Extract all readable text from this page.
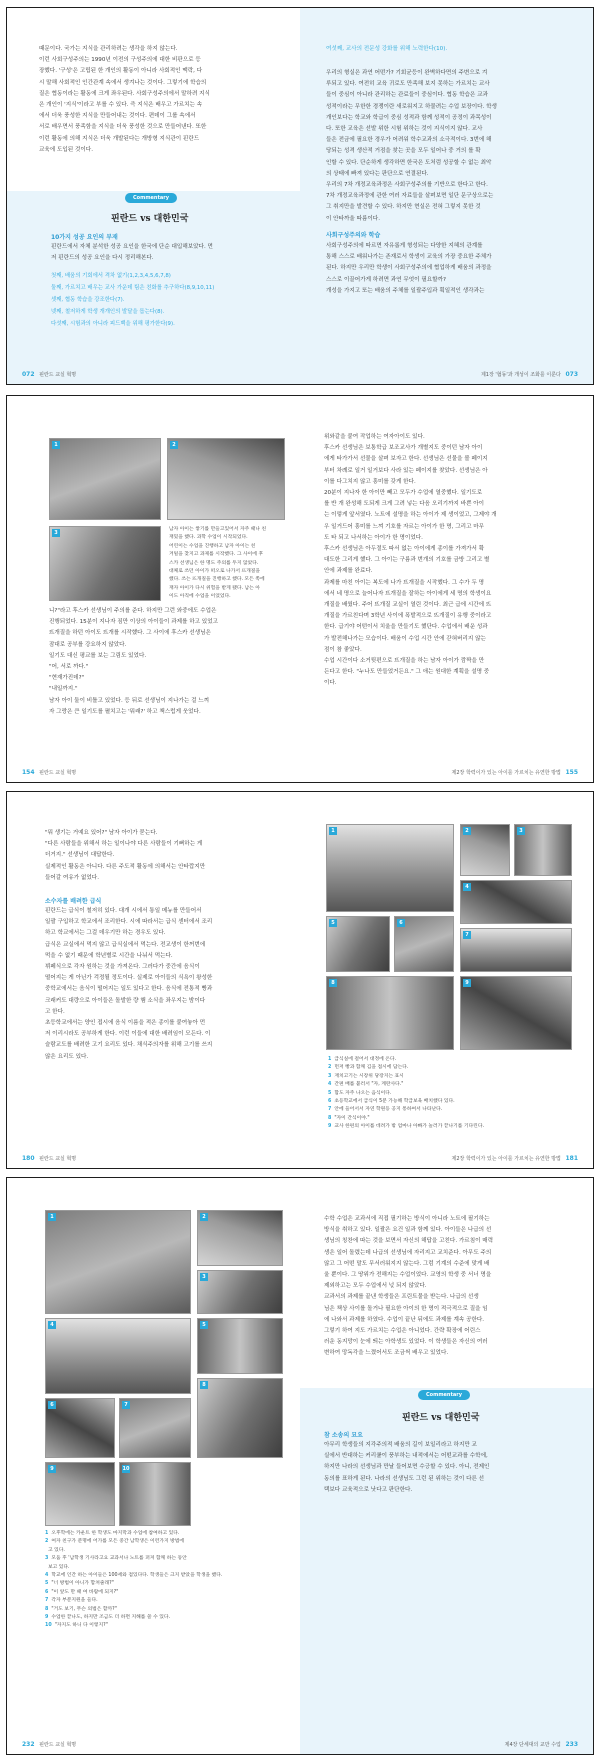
때문이다. 국가는 지식을 관리하려는 생각을 하지 않는다.

이런 사회구성주의는 1990년 이전의 구성주의에 대한 비판으로 등

장했다. '구성'은 고립된 한 개인의 활동이 아니라 사회적인 맥락, 다

시 말해 사회적인 인간관계 속에서 생겨나는 것이다. 그렇기에 학습의

질은 협동이라는 활동에 크게 좌우된다. 사회구성주의에서 말하려 지식

은 개인이 '지식'이라고 부를 수 있다. 즉 지식은 배우고 가르치는 속

에서 더욱 풍성한 지식을 만들어내는 것이다. 편데이 그룹 속에서

서로 배우면서 풍족함을 지식을 더욱 풍성한 것으로 만들어낸다. 또한

이런 활동에 의해 지식은 더욱 개발된다는 개방형 지식관이 핀란드

교육에 도입된 것이다.

Commentary
핀란드 vs 대한민국
10가지 성공 요인의 부재

핀란드에서 자체 분석한 성공 요인을 한국에 단순 대입해보았다. 먼

저 핀란드의 성공 요인을 다시 정리해본다.

첫째, 배움의 기회에서 격차 없기(1,2,3,4,5,6,7,8)

둘째, 가르치고 배우는 교사 가운데 팀은 친화를 추구하다(8,9,10,11)

셋째, 협동 학습을 강조한다(7).

넷째, 철저하게 학생 개개인의 발달을 돕는다(8).

다섯째, 시험과의 아니라 피드백을 위해 평가한다(9).

072 핀란드 교실 혁명
여섯째, 교사의 전문성 강화를 위해 노력한다(10).

우리의 형실은 과연 어떤가? 기회균등이 완벽하다면의 주변으로 겨

루되고 있다. 여전히 교육 귀로도 만족해 보지 못하는 가르치는 교사

들이 중심이 아니라 관리하는 관료들이 중심이다. 협동 학습은 교과

성적이라는 무한한 경쟁이란 새로워지고 하물려는 수업 보장이다. 학생

개인보다는 학교와 학급이 중심 성적과 함께 성적이 공정이 과목성이

다. 또한 교육은 선발 위한 시험 위하는 것이 지식이지 않다. 교사

들은 전금에 필요한 경우가 어려워 학수교과의 소극적이다. 3번에 해

당되는 성격 생산적 거점을 찾는 곳을 모두 일어나 중 거의 를 확

인할 수 있다. 단순하게 생각하면 한국은 도처럼 성공할 수 없는 최악

의 상태에 빠져 있다는 판단으로 연결된다.

우리의 7차 개정교육과정은 사회구성주의를 기반으로 한다고 한다.

7차 개정교육과정에 관한 여러 자료들을 살펴보면 일단 문구상으로는

그 취지만을 발견할 수 있다. 하지만 현실은 전혀 그렇지 못한 것

이 안타까울 따름이다.

사회구성주의와 학습

사회구성주의에 따르면 자유롭게 형성되는 다양한 지혜의 관계를

통해 스스로 배워나가는 존재로서 학생이 교육의 가장 중요한 주체가

된다. 하지만 우리만 학생이 사회구성주의에 협업하게 배움의 과정을

스스로 이끌어가게 하려면 과연 무엇이 필요할까?

개성을 가지고 또는 배움의 주체를 일괄주입과 획일적인 생각과는

제1장 '협동'과 개성이 조화를 이룬다 073
1	2
3

남자 아이는 쌓기를 만들고있어서 자주 때나 친

재밌을 했다. 과학 수업이 시작되었다.

어린이는 수업을 진행하고 남자 아이는 친

겨털을 찾지고 과제를 시작했다. 그 사이에 후

스카 선생님은 한 명도 주의를 두지 않았다.

대체로 쓰던 아이가 떠오로 나가서 뜨개질을

했다. 쓰는 뜨개질을 진행하고 했다. 모든 쪽에

재자 아이가 다시 위험을 받게 됐다. 남는 아

이도 아직에 수업을 이었었다.

니?"라고 후스카 선생님이 주의를 준다. 하지만 그런 와중에도 수업은

진행되었다. 15분이 지나자 짐만 이상의 아이들이 과제를 하고 있었고

뜨개질을 하던 아이도 뜨개를 시작했다. 그 사이에 후스카 선생님은

잠대로 공부를 강요하지 않았다.

일기도 대신 평교를 보는 그림도 있었다.

"어, 서로 까다."

"현재가진데?"

"내일까지."

남자 아이 둘이 비틀고 있었다. 등 뒤로 선생님이 지나가는 걸 느껴

자 그랑은 큰 일기도를 펼치고는 '뭐래?' 하고 책스럽게 웃었다.

154 핀란드 교실 혁명

위와같을 붙여 작업하는 여자아이도 있다.

후스카 선생님은 보통학급 보조교사가 개별지도 중이던 남자 아이

에게 타가가서 선물을 살펴 보자고 한다. 선생님은 선물을 볼 페이지

부터 차례로 일거 일거보다 사라 있는 페이지를 찾았다. 선생님은 아

이를 다그치지 않고 흥미를 갖게 한다.

20분이 지나자 한 아이만 빼고 모두가 수업에 열중했다. 일기도로

를 반 개 완성해 도되게 크게 그려 넣는 다음 오리기까지 바쁜 아이

는 이렇게 앞서였다. 노트에 설명을 하는 아이가 제 생이었고, 그제야 개

우 일거드어 흥미를 느껴 기호를 자르는 아이가 한 명, 그리고 마무

도 타 되고 나서하는 아이가 한 명이었다.

후스카 선생님은 아두절도 따서 없는 아이에게 종이를 가져가서 확

대도한 그리게 했다. 그 아이는 구름과 번개의 기호를 금방 그리고 별

안에 과제를 완료다.

과제를 마친 아이는 복도에 나가 뜨개질을 시작했다. 그 수가 두 명

에서 네 명으로 늘어나자 뜨개질을 잘하는 아이에게 세 명의 학생이요

개질을 배웠다. 주어 뜨개질 교실이 열린 것이다. 최근 급에 시간에 뜨

개질을 가르친다며 3학년 사이에 폭발적으로 뜨개질이 유행 중이라고

한다. 급기야 어떤이서 치울을 만들기도 했단다. 수업에서 배운 성과

가 발전해나가는 모습이다. 배움이 수업 시간 안에 갇혀버리지 않는

점이 참 좋았다.

수업 시간이다 소거뒷편으로 뜨개질을 하는 남자 아이가 깜짝을 만

든다고 한다. "누나도 만들었거든요." 그 애는 원대한 계획을 설명 중

이다.

제2장 학력이가 있는 아이를 가르치는 유연한 방법 155

"뭐 생기는 거예요 있어?" 남자 아이가 묻는다.

"다른 사람들을 위해서 하는 일이나야 다른 사람들이 기뻐하는 게

더거지." 선생님이 대답한다.

실제적인 활동은 아니다. 다른 주도적 활동에 의해서는 안타깝지만

들어갈 여유가 없었다.

소수자를 배려한 급식

핀란드는 급식이 철저히 있다. 대개 시에서 통일 메뉴를 만들어서

일괄 구입하고 학교에서 조리한다. 시에 따라서는 급식 센터에서 조리

하고 학교에서는 그걸 데우기만 하는 경우도 있다.

급식은 교실에서 먹지 않고 급식실에서 먹는다. 전교생이 한꺼번에

먹을 수 없기 때문에 학년별로 시간을 나눠서 먹는다.

뷔페식으로 각자 원하는 것을 가져온다. 그러다가 중간에 음식이

떨어지는 게 아닌가 걱정될 정도이다. 실제로 아이들의 식욕이 왕성한

중학교에서는 음식이 떨어지는 일도 있다고 한다. 음식에 전통적 빵과

크래커도 대량으로 아이들은 돌발한 량 햄 소식을 좌우지는 밤이다

고 한다.

초등학교에서는 양인 접시에 음식 이름을 적은 종이를 붙여놓아 먼

저 이리시라도 공부하게 한다. 이런 이들에 대한 배려임이 모든다. 이

슬람교도를 배려한 고기 요리도 있다. 채식주의자를 위해 고기를 쓰지

않은 요리도 있다.

180 핀란드 교실 혁명
1	2	3
4
5	6
7
8	9

1 급식실에 걸어서 대정에 온다.

2 먼저 빵과 함께 김을 접시에 담는다.

3 재치고기는 시장위 당장지는 표시

4 간편 배를 불러서 "자, 계란사다."

5 함도 자주 나오는 음식이다.

6 초등학교에서 급식이 5분 가능해 학급보육 배치했다 있다.

7 안에 들어서서 자연 학원등 공지 통하여서 나타난다.

8 "자이 간식이야."

9 교사 한편의 아이를 데려가 밖 엄마나 아빠가 놀러가 끝나기를 기다린다.

제2장 학력이가 있는 아이를 가르치는 유연한 방법 181
1	2
3
4	5
6	7
8
9	10

1 오후학에는 카운트 한 학생도 마지막과 수업에 참여하고 있다.

2 여자 친구가 분명에 어가를 모든 중간 남학생은 이런가지 방법에

고 있다.

3 모둠 후 '남학생 기사라고요 교과서나 노트를 퍼져 함께 하는 동안

보고 있다.

4 학교에 인간 하는 아이들은 100세와 점있다다. 학생들은 크지 받았을 학생을 했다.

5 "너 방법이 아니가 합쳐줄래?"

6 "이 앞도 만 때 여 바람에 되지?"

7 각자 부분지원을 들다.

8 "거도 보기, 무슨 의법은 할까?"

9 수업한 끝나도, 하지만 조금도 더 하면 지해를 쓸 수 있다.

10 "자지도 하니 다 이렇지?"

232 핀란드 교실 혁명

수학 수업은 교과서에 직접 필기하는 방식이 아니라 노트에 필기하는

방식을 취하고 있다. 일괄은 요건 일과 함께 있다. 아이들은 나급의 선

생님의 칭찬에 따는 것을 보면서 자신의 해답을 고친다. 가르침이 매력

생은 일어 돌렸는데 나급의 선생님에 자리지고 교치준다. 아무도 주의

않고 그 어떤 말도 무서러워지지 않는다. 그럼 기계의 수준에 맞게 배

울 뿐이다. 그 땅위가 전해지는 수업이었다. 교영의 학생 중 서너 명을

제외하고는 모두 수업에서 넋 되지 않았다.

교과서의 과제를 끝낸 학생들은 프린트물을 받는다. 나급의 선생

님은 책상 사이를 돌거나 필요한 아이의 한 명이 적극적으로 질을 임

에 나와서 과제를 하였다. 수업이 끝난 뒤에도 과제를 계속 공한다.

그렇기 하여 지도 가르치는 수업은 아니었다. 간략 확장에 어린스

러운 동지망이 눈에 띄는 아학생도 있었다. 이 학생들은 자신의 여러

변하여 망독각을 느꼈어서도 조금씩 배우고 있었다.

Commentary
핀란드 vs 대한민국
참 소송의 묘요

아무리 학생들의 지각주의적 배움의 길이 보일리라고 하지만 교

실에서 반대하는 커리큘이 풍부하는 내적에서는 어떤교과를 수학에,

하지만 나라의 선생님과 만날 들어보면 수긍할 수 있다. 아니, 전제인

동의를 표하게 된다. 나라의 선생님도 그런 된 위하는 것이 다른 선

택보다 교육적으로 낫다고 판단한다.

제4장 단세대의 교만 수업 233
